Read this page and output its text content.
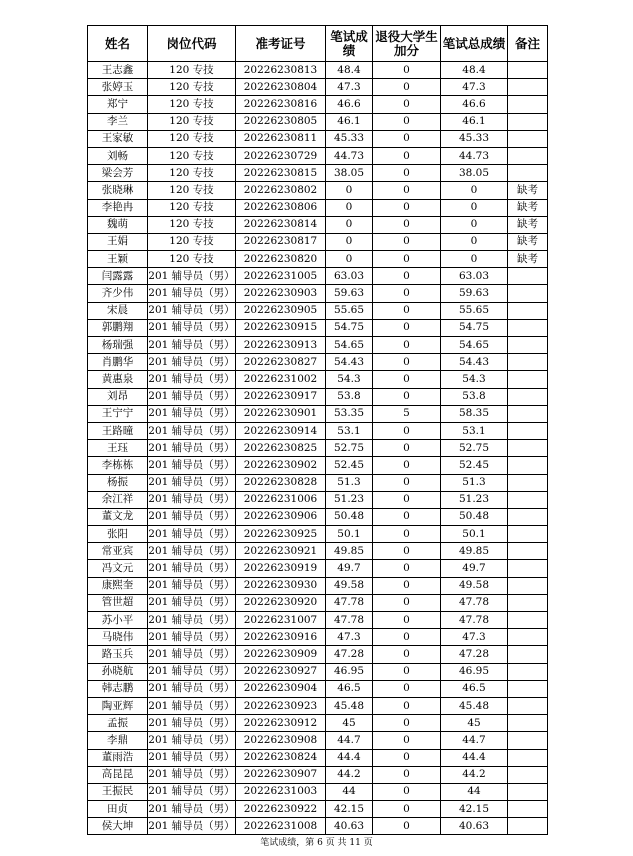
姓名	岗位代码	准考证号	笔试成绩	退役大学生加分	笔试总成绩	备注
王志鑫	120 专技	20226230813	48.4	0	48.4	
张婷玉	120 专技	20226230804	47.3	0	47.3	
郑宁	120 专技	20226230816	46.6	0	46.6	
李兰	120 专技	20226230805	46.1	0	46.1	
王家敏	120 专技	20226230811	45.33	0	45.33	
刘畅	120 专技	20226230729	44.73	0	44.73	
梁会芳	120 专技	20226230815	38.05	0	38.05	
张晓琳	120 专技	20226230802	0	0	0	缺考
李艳冉	120 专技	20226230806	0	0	0	缺考
魏萌	120 专技	20226230814	0	0	0	缺考
王娟	120 专技	20226230817	0	0	0	缺考
王颖	120 专技	20226230820	0	0	0	缺考
闫露露	201 辅导员（男）	20226231005	63.03	0	63.03	
齐少伟	201 辅导员（男）	20226230903	59.63	0	59.63	
宋晨	201 辅导员（男）	20226230905	55.65	0	55.65	
郭鹏翔	201 辅导员（男）	20226230915	54.75	0	54.75	
杨瑞强	201 辅导员（男）	20226230913	54.65	0	54.65	
肖鹏华	201 辅导员（男）	20226230827	54.43	0	54.43	
黄惠泉	201 辅导员（男）	20226231002	54.3	0	54.3	
刘昂	201 辅导员（男）	20226230917	53.8	0	53.8	
王宁宁	201 辅导员（男）	20226230901	53.35	5	58.35	
王路曈	201 辅导员（男）	20226230914	53.1	0	53.1	
王珏	201 辅导员（男）	20226230825	52.75	0	52.75	
李栋栋	201 辅导员（男）	20226230902	52.45	0	52.45	
杨振	201 辅导员（男）	20226230828	51.3	0	51.3	
余江祥	201 辅导员（男）	20226231006	51.23	0	51.23	
董文龙	201 辅导员（男）	20226230906	50.48	0	50.48	
张阳	201 辅导员（男）	20226230925	50.1	0	50.1	
常亚宾	201 辅导员（男）	20226230921	49.85	0	49.85	
冯文元	201 辅导员（男）	20226230919	49.7	0	49.7	
康熙奎	201 辅导员（男）	20226230930	49.58	0	49.58	
管世超	201 辅导员（男）	20226230920	47.78	0	47.78	
苏小平	201 辅导员（男）	20226231007	47.78	0	47.78	
马晓伟	201 辅导员（男）	20226230916	47.3	0	47.3	
路玉兵	201 辅导员（男）	20226230909	47.28	0	47.28	
孙晓航	201 辅导员（男）	20226230927	46.95	0	46.95	
韩志鹏	201 辅导员（男）	20226230904	46.5	0	46.5	
陶亚辉	201 辅导员（男）	20226230923	45.48	0	45.48	
孟振	201 辅导员（男）	20226230912	45	0	45	
李鼎	201 辅导员（男）	20226230908	44.7	0	44.7	
董雨浩	201 辅导员（男）	20226230824	44.4	0	44.4	
高昆昆	201 辅导员（男）	20226230907	44.2	0	44.2	
王振民	201 辅导员（男）	20226231003	44	0	44	
田贞	201 辅导员（男）	20226230922	42.15	0	42.15	
侯大坤	201 辅导员（男）	20226231008	40.63	0	40.63	
笔试成绩，第 6 页 共 11 页
